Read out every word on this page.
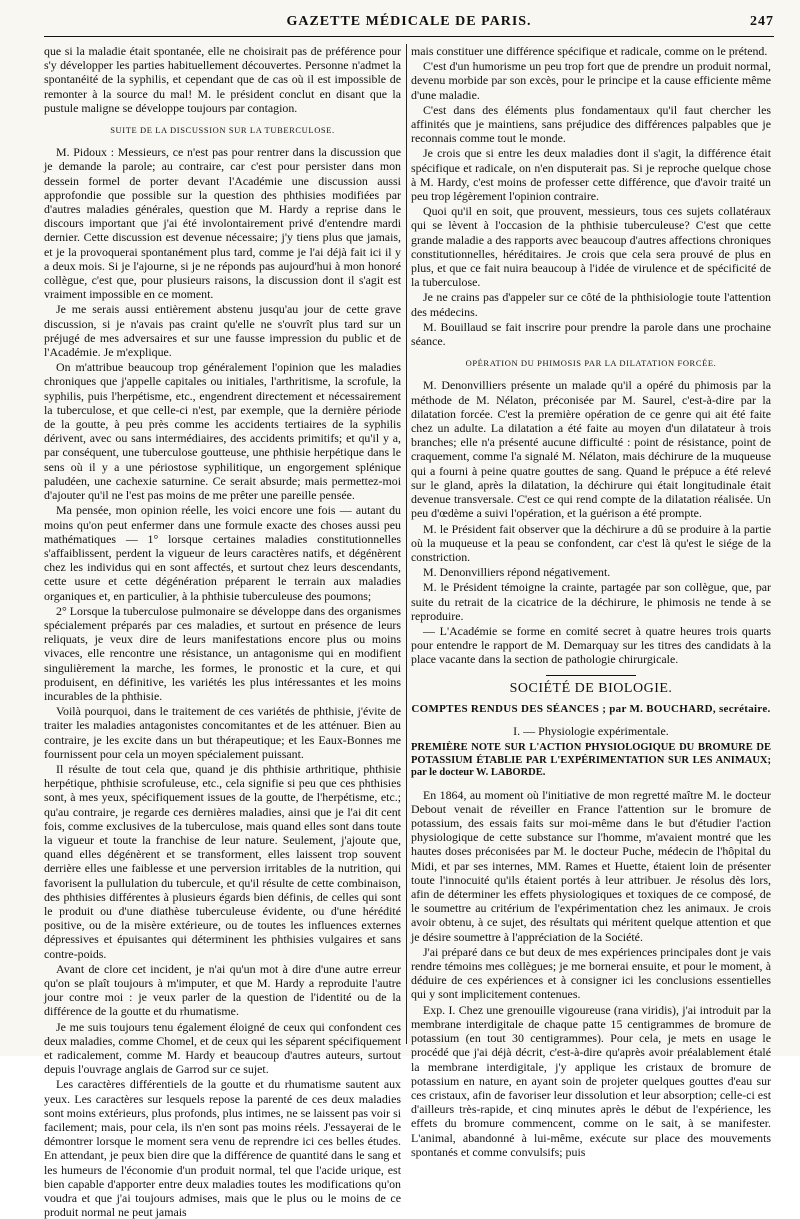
GAZETTE MÉDICALE DE PARIS.	247

que si la maladie était spontanée, elle ne choisirait pas de préférence pour s'y développer les parties habituellement découvertes. Personne n'admet la spontanéité de la syphilis, et cependant que de cas où il est impossible de remonter à la source du mal! M. le président conclut en disant que la pustule maligne se développe toujours par contagion.

SUITE DE LA DISCUSSION SUR LA TUBERCULOSE.

M. Pidoux : Messieurs, ce n'est pas pour rentrer dans la discussion que je demande la parole; au contraire, car c'est pour persister dans mon dessein formel de porter devant l'Académie une discussion aussi approfondie que possible sur la question des phthisies modifiées par d'autres maladies générales, question que M. Hardy a reprise dans le discours important que j'ai été involontairement privé d'entendre mardi dernier. Cette discussion est devenue nécessaire; j'y tiens plus que jamais, et je la provoquerai spontanément plus tard, comme je l'ai déjà fait ici il y a deux mois. Si je l'ajourne, si je ne réponds pas aujourd'hui à mon honoré collègue, c'est que, pour plusieurs raisons, la discussion dont il s'agit est vraiment impossible en ce moment.

Je me serais aussi entièrement abstenu jusqu'au jour de cette grave discussion, si je n'avais pas craint qu'elle ne s'ouvrît plus tard sur un préjugé de mes adversaires et sur une fausse impression du public et de l'Académie. Je m'explique.

On m'attribue beaucoup trop généralement l'opinion que les maladies chroniques que j'appelle capitales ou initiales, l'arthritisme, la scrofule, la syphilis, puis l'herpétisme, etc., engendrent directement et nécessairement la tuberculose, et que celle-ci n'est, par exemple, que la dernière période de la goutte, à peu près comme les accidents tertiaires de la syphilis dérivent, avec ou sans intermédiaires, des accidents primitifs; et qu'il y a, par conséquent, une tuberculose goutteuse, une phthisie herpétique dans le sens où il y a une périostose syphilitique, un engorgement splénique paludéen, une cachexie saturnine. Ce serait absurde; mais permettez-moi d'ajouter qu'il ne l'est pas moins de me prêter une pareille pensée.

Ma pensée, mon opinion réelle, les voici encore une fois — autant du moins qu'on peut enfermer dans une formule exacte des choses aussi peu mathématiques — 1° lorsque certaines maladies constitutionnelles s'affaiblissent, perdent la vigueur de leurs caractères natifs, et dégénèrent chez les individus qui en sont affectés, et surtout chez leurs descendants, cette usure et cette dégénération préparent le terrain aux maladies organiques et, en particulier, à la phthisie tuberculeuse des poumons;

2° Lorsque la tuberculose pulmonaire se développe dans des organismes spécialement préparés par ces maladies, et surtout en présence de leurs reliquats, je veux dire de leurs manifestations encore plus ou moins vivaces, elle rencontre une résistance, un antagonisme qui en modifient singulièrement la marche, les formes, le pronostic et la cure, et qui produisent, en définitive, les variétés les plus intéressantes et les moins incurables de la phthisie.

Voilà pourquoi, dans le traitement de ces variétés de phthisie, j'évite de traiter les maladies antagonistes concomitantes et de les atténuer. Bien au contraire, je les excite dans un but thérapeutique; et les Eaux-Bonnes me fournissent pour cela un moyen spécialement puissant.

Il résulte de tout cela que, quand je dis phthisie arthritique, phthisie herpétique, phthisie scrofuleuse, etc., cela signifie si peu que ces phthisies sont, à mes yeux, spécifiquement issues de la goutte, de l'herpétisme, etc.; qu'au contraire, je regarde ces dernières maladies, ainsi que je l'ai dit cent fois, comme exclusives de la tuberculose, mais quand elles sont dans toute la vigueur et toute la franchise de leur nature. Seulement, j'ajoute que, quand elles dégénèrent et se transforment, elles laissent trop souvent derrière elles une faiblesse et une perversion irritables de la nutrition, qui favorisent la pullulation du tubercule, et qu'il résulte de cette combinaison, des phthisies différentes à plusieurs égards bien définis, de celles qui sont le produit ou d'une diathèse tuberculeuse évidente, ou d'une hérédité positive, ou de la misère extérieure, ou de toutes les influences externes dépressives et épuisantes qui déterminent les phthisies vulgaires et sans contre-poids.

Avant de clore cet incident, je n'ai qu'un mot à dire d'une autre erreur qu'on se plaît toujours à m'imputer, et que M. Hardy a reproduite l'autre jour contre moi : je veux parler de la question de l'identité ou de la différence de la goutte et du rhumatisme.

Je me suis toujours tenu également éloigné de ceux qui confondent ces deux maladies, comme Chomel, et de ceux qui les séparent spécifiquement et radicalement, comme M. Hardy et beaucoup d'autres auteurs, surtout depuis l'ouvrage anglais de Garrod sur ce sujet.

Les caractères différentiels de la goutte et du rhumatisme sautent aux yeux. Les caractères sur lesquels repose la parenté de ces deux maladies sont moins extérieurs, plus profonds, plus intimes, ne se laissent pas voir si facilement; mais, pour cela, ils n'en sont pas moins réels. J'essayerai de le démontrer lorsque le moment sera venu de reprendre ici ces belles études. En attendant, je peux bien dire que la différence de quantité dans le sang et les humeurs de l'économie d'un produit normal, tel que l'acide urique, est bien capable d'apporter entre deux maladies toutes les modifications qu'on voudra et que j'ai toujours admises, mais que le plus ou le moins de ce produit normal ne peut jamais

mais constituer une différence spécifique et radicale, comme on le prétend.

C'est d'un humorisme un peu trop fort que de prendre un produit normal, devenu morbide par son excès, pour le principe et la cause efficiente même d'une maladie.

C'est dans des éléments plus fondamentaux qu'il faut chercher les affinités que je maintiens, sans préjudice des différences palpables que je reconnais comme tout le monde.

Je crois que si entre les deux maladies dont il s'agit, la différence était spécifique et radicale, on n'en disputerait pas. Si je reproche quelque chose à M. Hardy, c'est moins de professer cette différence, que d'avoir traité un peu trop légèrement l'opinion contraire.

Quoi qu'il en soit, que prouvent, messieurs, tous ces sujets collatéraux qui se lèvent à l'occasion de la phthisie tuberculeuse? C'est que cette grande maladie a des rapports avec beaucoup d'autres affections chroniques constitutionnelles, héréditaires. Je crois que cela sera prouvé de plus en plus, et que ce fait nuira beaucoup à l'idée de virulence et de spécificité de la tuberculose.

Je ne crains pas d'appeler sur ce côté de la phthisiologie toute l'attention des médecins.

M. Bouillaud se fait inscrire pour prendre la parole dans une prochaine séance.

OPÉRATION DU PHIMOSIS PAR LA DILATATION FORCÉE.

M. Denonvilliers présente un malade qu'il a opéré du phimosis par la méthode de M. Nélaton, préconisée par M. Saurel, c'est-à-dire par la dilatation forcée. C'est la première opération de ce genre qui ait été faite chez un adulte. La dilatation a été faite au moyen d'un dilatateur à trois branches; elle n'a présenté aucune difficulté : point de résistance, point de craquement, comme l'a signalé M. Nélaton, mais déchirure de la muqueuse qui a fourni à peine quatre gouttes de sang. Quand le prépuce a été relevé sur le gland, après la dilatation, la déchirure qui était longitudinale était devenue transversale. C'est ce qui rend compte de la dilatation réalisée. Un peu d'œdème a suivi l'opération, et la guérison a été prompte.

M. le Président fait observer que la déchirure a dû se produire à la partie où la muqueuse et la peau se confondent, car c'est là qu'est le siége de la constriction.

M. Denonvilliers répond négativement.

M. le Président témoigne la crainte, partagée par son collègue, que, par suite du retrait de la cicatrice de la déchirure, le phimosis ne tende à se reproduire.

— L'Académie se forme en comité secret à quatre heures trois quarts pour entendre le rapport de M. Demarquay sur les titres des candidats à la place vacante dans la section de pathologie chirurgicale.

SOCIÉTÉ DE BIOLOGIE.
COMPTES RENDUS DES SÉANCES ; par M. BOUCHARD, secrétaire.
I. — Physiologie expérimentale.
PREMIÈRE NOTE SUR L'ACTION PHYSIOLOGIQUE DU BROMURE DE POTASSIUM ÉTABLIE PAR L'EXPÉRIMENTATION SUR LES ANIMAUX; par le docteur W. LABORDE.

En 1864, au moment où l'initiative de mon regretté maître M. le docteur Debout venait de réveiller en France l'attention sur le bromure de potassium, des essais faits sur moi-même dans le but d'étudier l'action physiologique de cette substance sur l'homme, m'avaient montré que les hautes doses préconisées par M. le docteur Puche, médecin de l'hôpital du Midi, et par ses internes, MM. Rames et Huette, étaient loin de présenter toute l'innocuité qu'ils étaient portés à leur attribuer. Je résolus dès lors, afin de déterminer les effets physiologiques et toxiques de ce composé, de le soumettre au critérium de l'expérimentation chez les animaux. Je crois avoir obtenu, à ce sujet, des résultats qui méritent quelque attention et que je désire soumettre à l'appréciation de la Société.

J'ai préparé dans ce but deux de mes expériences principales dont je vais rendre témoins mes collègues; je me bornerai ensuite, et pour le moment, à déduire de ces expériences et à consigner ici les conclusions essentielles qui y sont implicitement contenues.

Exp. I. Chez une grenouille vigoureuse (rana viridis), j'ai introduit par la membrane interdigitale de chaque patte 15 centigrammes de bromure de potassium (en tout 30 centigrammes). Pour cela, je mets en usage le procédé que j'ai déjà décrit, c'est-à-dire qu'après avoir préalablement étalé la membrane interdigitale, j'y applique les cristaux de bromure de potassium en nature, en ayant soin de projeter quelques gouttes d'eau sur ces cristaux, afin de favoriser leur dissolution et leur absorption; celle-ci est d'ailleurs très-rapide, et cinq minutes après le début de l'expérience, les effets du bromure commencent, comme on le sait, à se manifester. L'animal, abandonné à lui-même, exécute sur place des mouvements spontanés et comme convulsifs; puis
